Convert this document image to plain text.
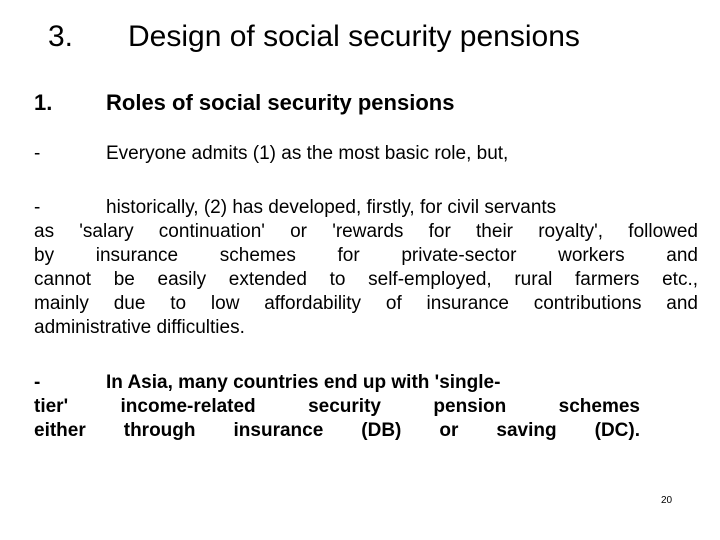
3. Design of social security pensions
1. Roles of social security pensions
-	Everyone admits (1) as the most basic role, but,
-	historically, (2) has developed, firstly, for civil servants
as 'salary continuation' or 'rewards for their royalty', followed
by insurance schemes for private-sector workers and
cannot be easily extended to self-employed, rural farmers etc.,
mainly due to low affordability of insurance contributions and
administrative difficulties.
-	In Asia, many countries end up with 'single-
tier' income-related security pension schemes
either through insurance (DB) or saving (DC).
20
